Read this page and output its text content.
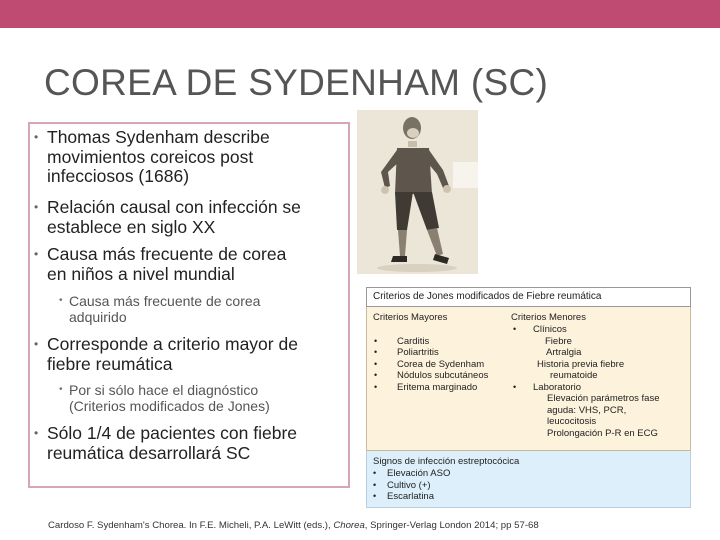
COREA DE SYDENHAM (SC)
• Thomas Sydenham describe
movimientos coreicos post
infecciosos (1686)
• Relación causal con infección se
establece en siglo XX
• Causa más frecuente de corea
en niños a nivel mundial
• Causa más frecuente de corea
adquirido
• Corresponde a criterio mayor de
fiebre reumática
• Por si sólo hace el diagnóstico
(Criterios modificados de Jones)
• Sólo 1/4 de pacientes con fiebre
reumática desarrollará SC
Criterios de Jones modificados de Fiebre reumática
Criterios Mayores	Criterios Menores
• Carditis
• Poliartritis
• Corea de Sydenham
• Nódulos subcutáneos
• Eritema marginado
• Clínicos
Fiebre
Artralgia
Historia previa fiebre
reumatoide
• Laboratorio
Elevación parámetros fase
aguda: VHS, PCR,
leucocitosis
Prolongación P-R en ECG
Signos de infección estreptocócica
• Elevación ASO
• Cultivo (+)
• Escarlatina
Cardoso F. Sydenham's Chorea. In F.E. Micheli, P.A. LeWitt (eds.), Chorea, Springer-Verlag London 2014; pp 57-68
